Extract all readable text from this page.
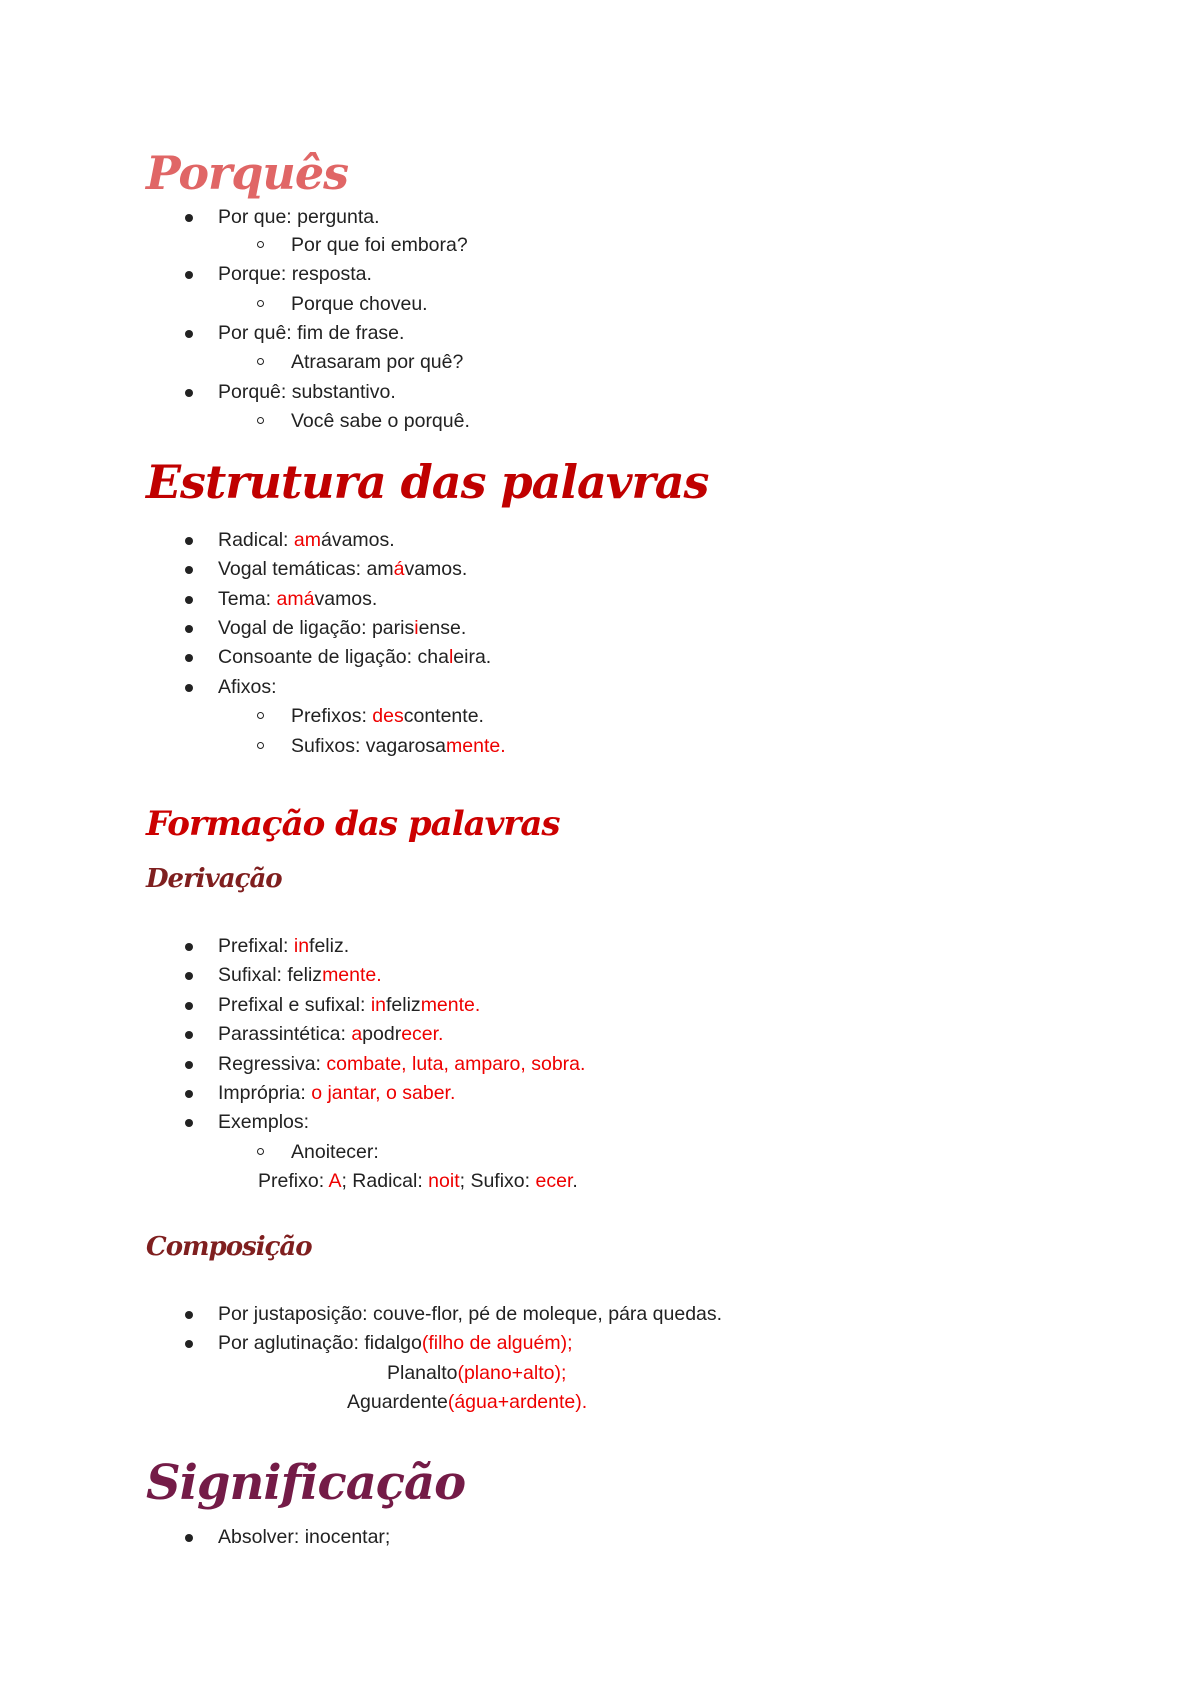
Porquês
Por que: pergunta.
Por que foi embora?
Porque: resposta.
Porque choveu.
Por quê: fim de frase.
Atrasaram por quê?
Porquê: substantivo.
Você sabe o porquê.
Estrutura das palavras
Radical: amávamos.
Vogal temáticas: amávamos.
Tema: amávamos.
Vogal de ligação: parisiense.
Consoante de ligação: chaleira.
Afixos:
Prefixos: descontente.
Sufixos: vagarosamente.
Formação das palavras
Derivação
Prefixal: infeliz.
Sufixal: felizmente.
Prefixal e sufixal: infelizmente.
Parassintética: apodrecer.
Regressiva: combate, luta, amparo, sobra.
Imprópria: o jantar, o saber.
Exemplos:
Anoitecer:
Prefixo: A; Radical: noit; Sufixo: ecer.
Composição
Por justaposição: couve-flor, pé de moleque, pára quedas.
Por aglutinação: fidalgo(filho de alguém);
Planalto(plano+alto);
Aguardente(água+ardente).
Significação
Absolver: inocentar;
